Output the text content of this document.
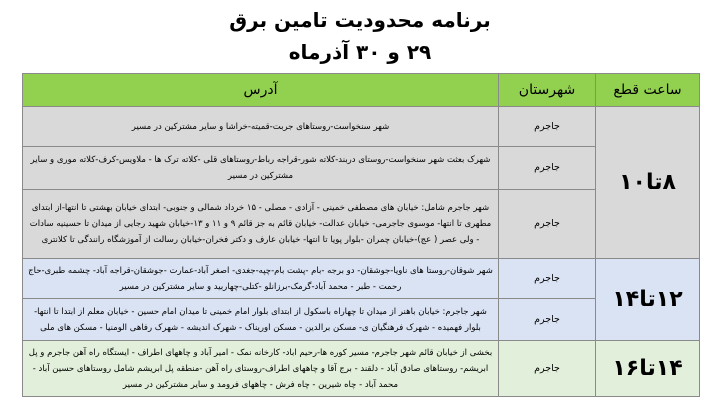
برنامه محدودیت تامین برق
۲۹ و ۳۰ آذرماه
ساعت قطع	شهرستان	آدرس
۸تا۱۰	جاجرم	شهر سنخواست-روستاهای جربت-قمیته-خراشا و سایر مشترکین در مسیر
	جاجرم	شهرک بعثت شهر سنخواست-روستای دربند-کلاته شور-قراجه رباط-روستاهای قلی -کلاته ترک ها - ملاویس-کرف-کلاته موری و سایر مشترکین در مسیر
	جاجرم	شهر جاجرم شامل: خیابان های مصطفی خمینی - آزادی - مصلی - ۱۵ خرداد شمالی و جنوبی- ابتدای خیابان بهشتی تا انتها-از ابتدای مطهری تا انتها- موسوی جاجرمی- خیابان عدالت- خیابان قائم به جز قائم ۹ و ۱۱ و ۱۳-خیابان شهید رجایی از میدان تا حسینیه سادات - ولی عصر ( عج)-خیابان چمران -بلوار پویا تا انتها- خیابان عارف و دکتر فخران-خیابان رسالت از آموزشگاه رانندگی تا کلانتری
۱۲تا۱۴	جاجرم	شهر شوقان-روستا های ناویا-جوشقان- دو برجه -بام -پشت بام-چپه-جغدی- اصغر آباد-عمارت -جوشقان-قراجه آباد- چشمه طبری-حاج رحمت - طبر - محمد آباد-گرمک-برزانلو -کتلی-چهاربید و سایر مشترکین در مسیر
	جاجرم	شهر جاجرم: خیابان باهنر از میدان تا چهاراه باسکول از ابتدای بلوار امام خمینی تا میدان امام حسین - خیابان معلم از ابتدا تا انتها- بلوار فهمیده - شهرک فرهنگیان ی- مسکن برالدین - مسکن اوریناک - شهرک اندیشه - شهرک رفاهی الومنیا - مسکن های ملی
۱۴تا۱۶	جاجرم	بخشی از خیابان قائم شهر جاجرم- مسیر کوره ها-رحیم اباد- کارخانه نمک - امیر آباد و چاههای اطراف - ایستگاه راه آهن جاجرم و پل ابریشم- روستاهای صادق آباد - دلقند - برج آقا و چاههای اطراف-روستای راه آهن -منطقه پل ابریشم شامل روستاهای حسین آباد - محمد آباد - چاه شیرین - چاه فرش - چاههای فرومد و سایر مشترکین در مسیر
